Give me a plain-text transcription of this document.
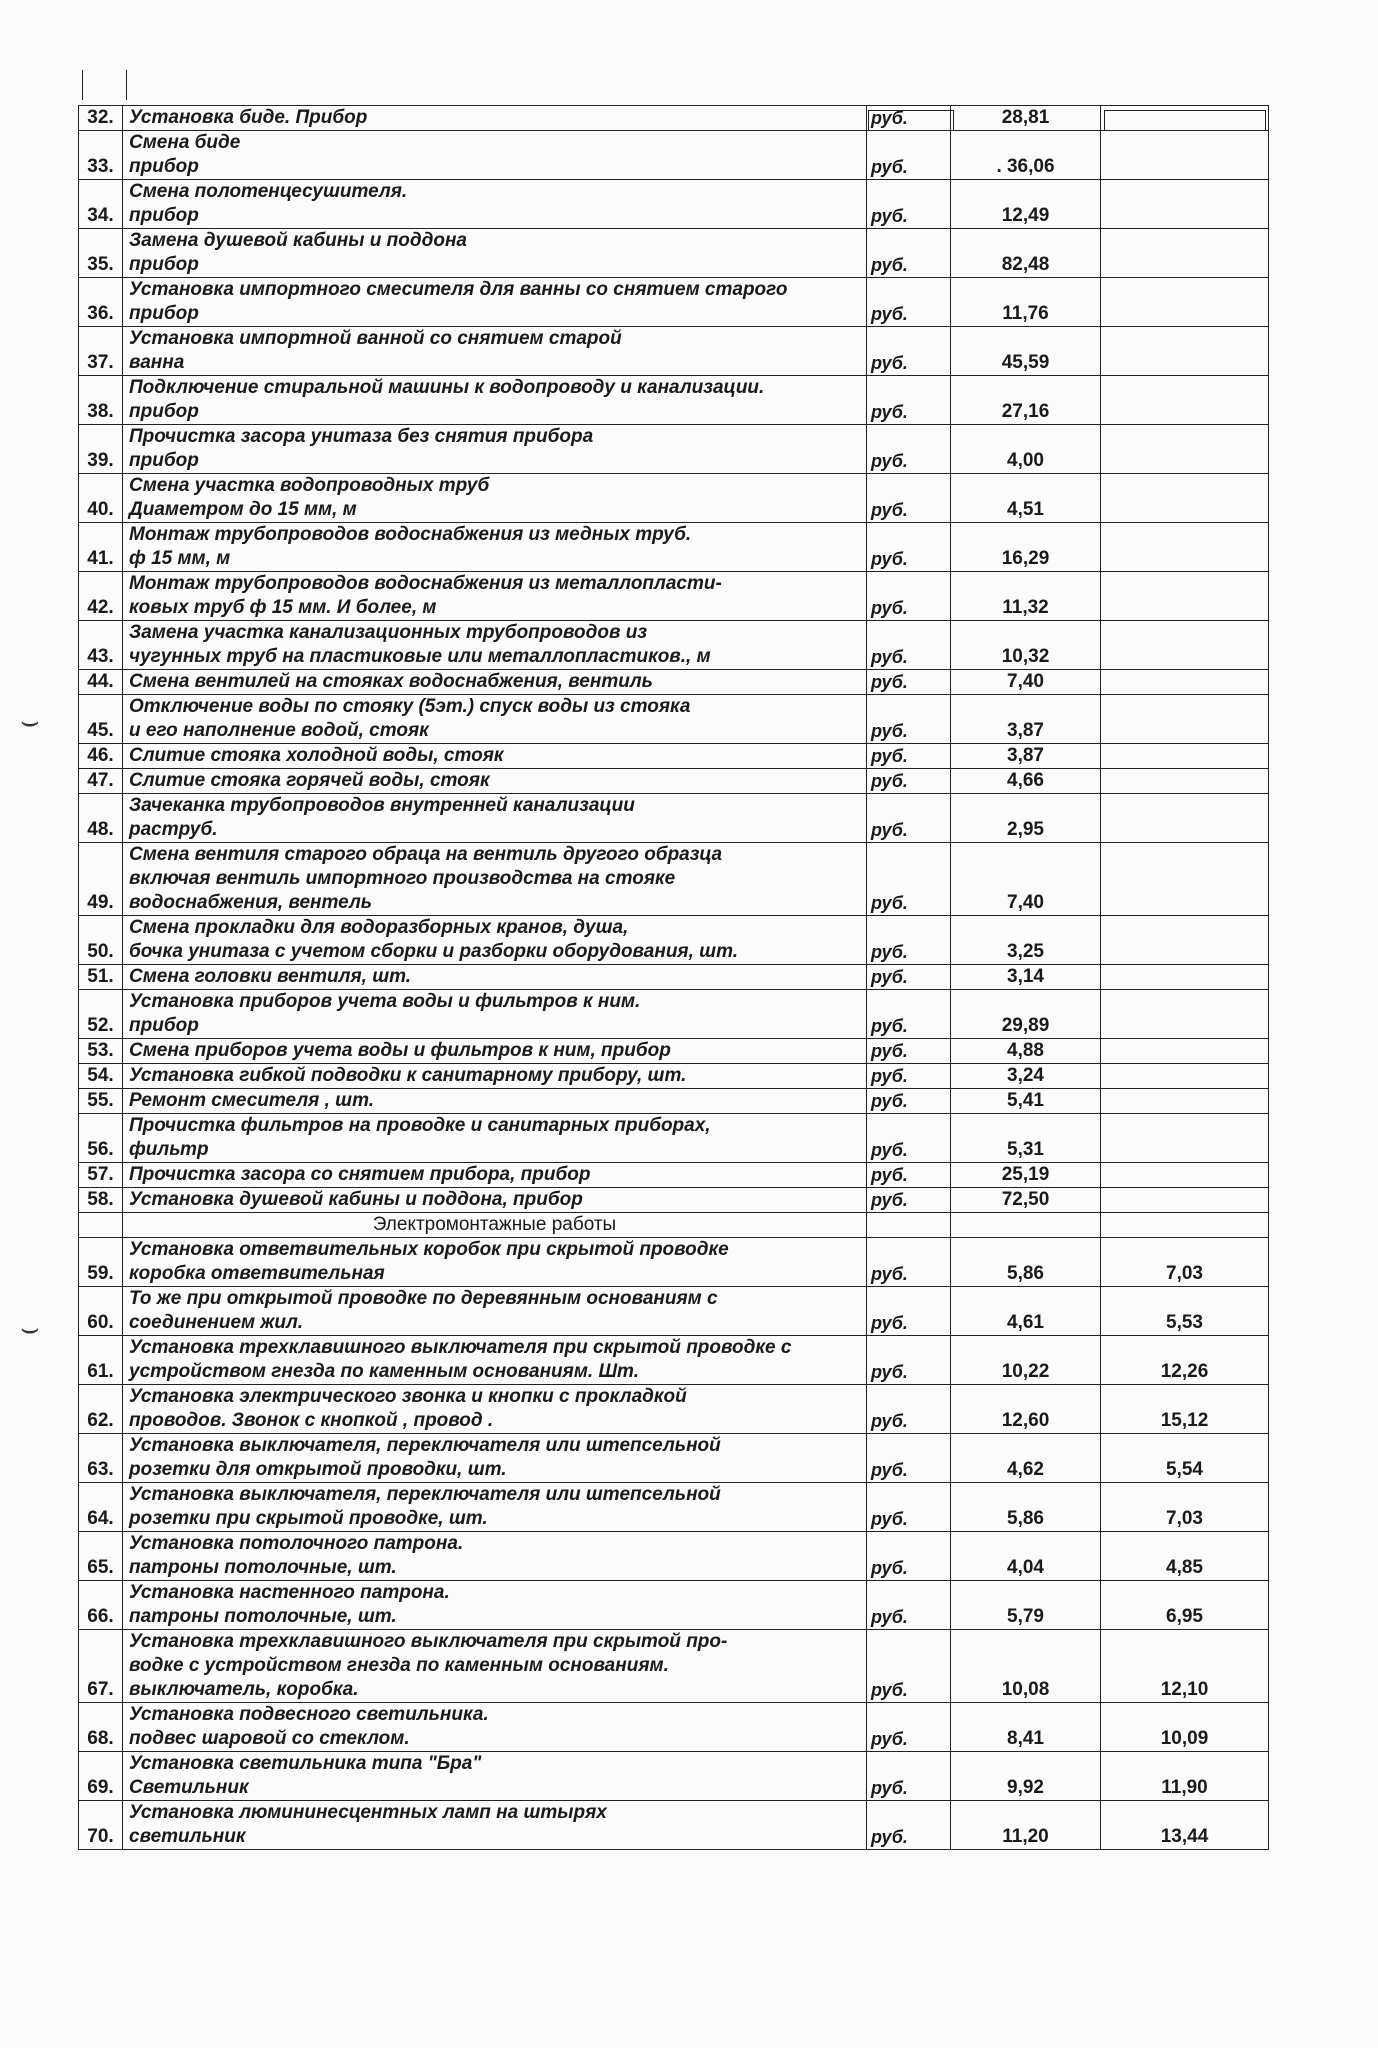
⌣
⌣
32.	Установка биде. Прибор	руб.	28,81	
33.	Смена биде
прибор	руб.	. 36,06	
34.	Смена полотенцесушителя.
прибор	руб.	12,49	
35.	Замена душевой кабины и поддона
прибор	руб.	82,48	
36.	Установка импортного смесителя для ванны со снятием старого
прибор	руб.	11,76	
37.	Установка импортной ванной со снятием старой
ванна	руб.	45,59	
38.	Подключение стиральной машины к водопроводу и канализации.
прибор	руб.	27,16	
39.	Прочистка засора унитаза без снятия прибора
прибор	руб.	4,00	
40.	Смена участка водопроводных труб
Диаметром до 15 мм, м	руб.	4,51	
41.	Монтаж трубопроводов водоснабжения из медных труб.
ф 15 мм, м	руб.	16,29	
42.	Монтаж трубопроводов водоснабжения из металлопласти-
ковых труб ф 15 мм. И более, м	руб.	11,32	
43.	Замена участка канализационных трубопроводов из
чугунных труб на пластиковые или металлопластиков., м	руб.	10,32	
44.	Смена вентилей на стояках водоснабжения, вентиль	руб.	7,40	
45.	Отключение воды по стояку (5эт.) спуск воды из стояка
и его наполнение водой, стояк	руб.	3,87	
46.	Слитие стояка холодной воды, стояк	руб.	3,87	
47.	Слитие стояка горячей воды, стояк	руб.	4,66	
48.	Зачеканка трубопроводов внутренней канализации
раструб.	руб.	2,95	
49.	Смена вентиля старого обраца на вентиль другого образца
включая вентиль импортного производства на стояке
водоснабжения, вентель	руб.	7,40	
50.	Смена прокладки для водоразборных кранов, душа,
бочка унитаза с учетом сборки и разборки оборудования, шт.	руб.	3,25	
51.	Смена головки вентиля, шт.	руб.	3,14	
52.	Установка приборов учета воды и фильтров к ним.
прибор	руб.	29,89	
53.	Смена приборов учета воды и фильтров к ним, прибор	руб.	4,88	
54.	Установка гибкой подводки к санитарному прибору, шт.	руб.	3,24	
55.	Ремонт смесителя , шт.	руб.	5,41	
56.	Прочистка фильтров на проводке и санитарных приборах,
фильтр	руб.	5,31	
57.	Прочистка засора со снятием прибора, прибор	руб.	25,19	
58.	Установка душевой кабины и поддона, прибор	руб.	72,50	
	Электромонтажные работы			
59.	Установка ответвительных коробок при скрытой проводке
коробка ответвительная	руб.	5,86	7,03
60.	То же при открытой проводке по деревянным основаниям с
соединением жил.	руб.	4,61	5,53
61.	Установка трехклавишного выключателя при скрытой проводке с
устройством гнезда по каменным основаниям. Шт.	руб.	10,22	12,26
62.	Установка электрического звонка и кнопки с прокладкой
проводов. Звонок с кнопкой , провод .	руб.	12,60	15,12
63.	Установка выключателя, переключателя или штепсельной
розетки для открытой проводки, шт.	руб.	4,62	5,54
64.	Установка выключателя, переключателя или штепсельной
розетки при скрытой проводке, шт.	руб.	5,86	7,03
65.	Установка потолочного патрона.
патроны потолочные, шт.	руб.	4,04	4,85
66.	Установка настенного патрона.
патроны потолочные, шт.	руб.	5,79	6,95
67.	Установка трехклавишного выключателя при скрытой про-
водке с устройством гнезда по каменным основаниям.
выключатель, коробка.	руб.	10,08	12,10
68.	Установка подвесного светильника.
подвес шаровой со стеклом.	руб.	8,41	10,09
69.	Установка светильника типа "Бра"
Светильник	руб.	9,92	11,90
70.	Установка люмининесцентных ламп на штырях
светильник	руб.	11,20	13,44
